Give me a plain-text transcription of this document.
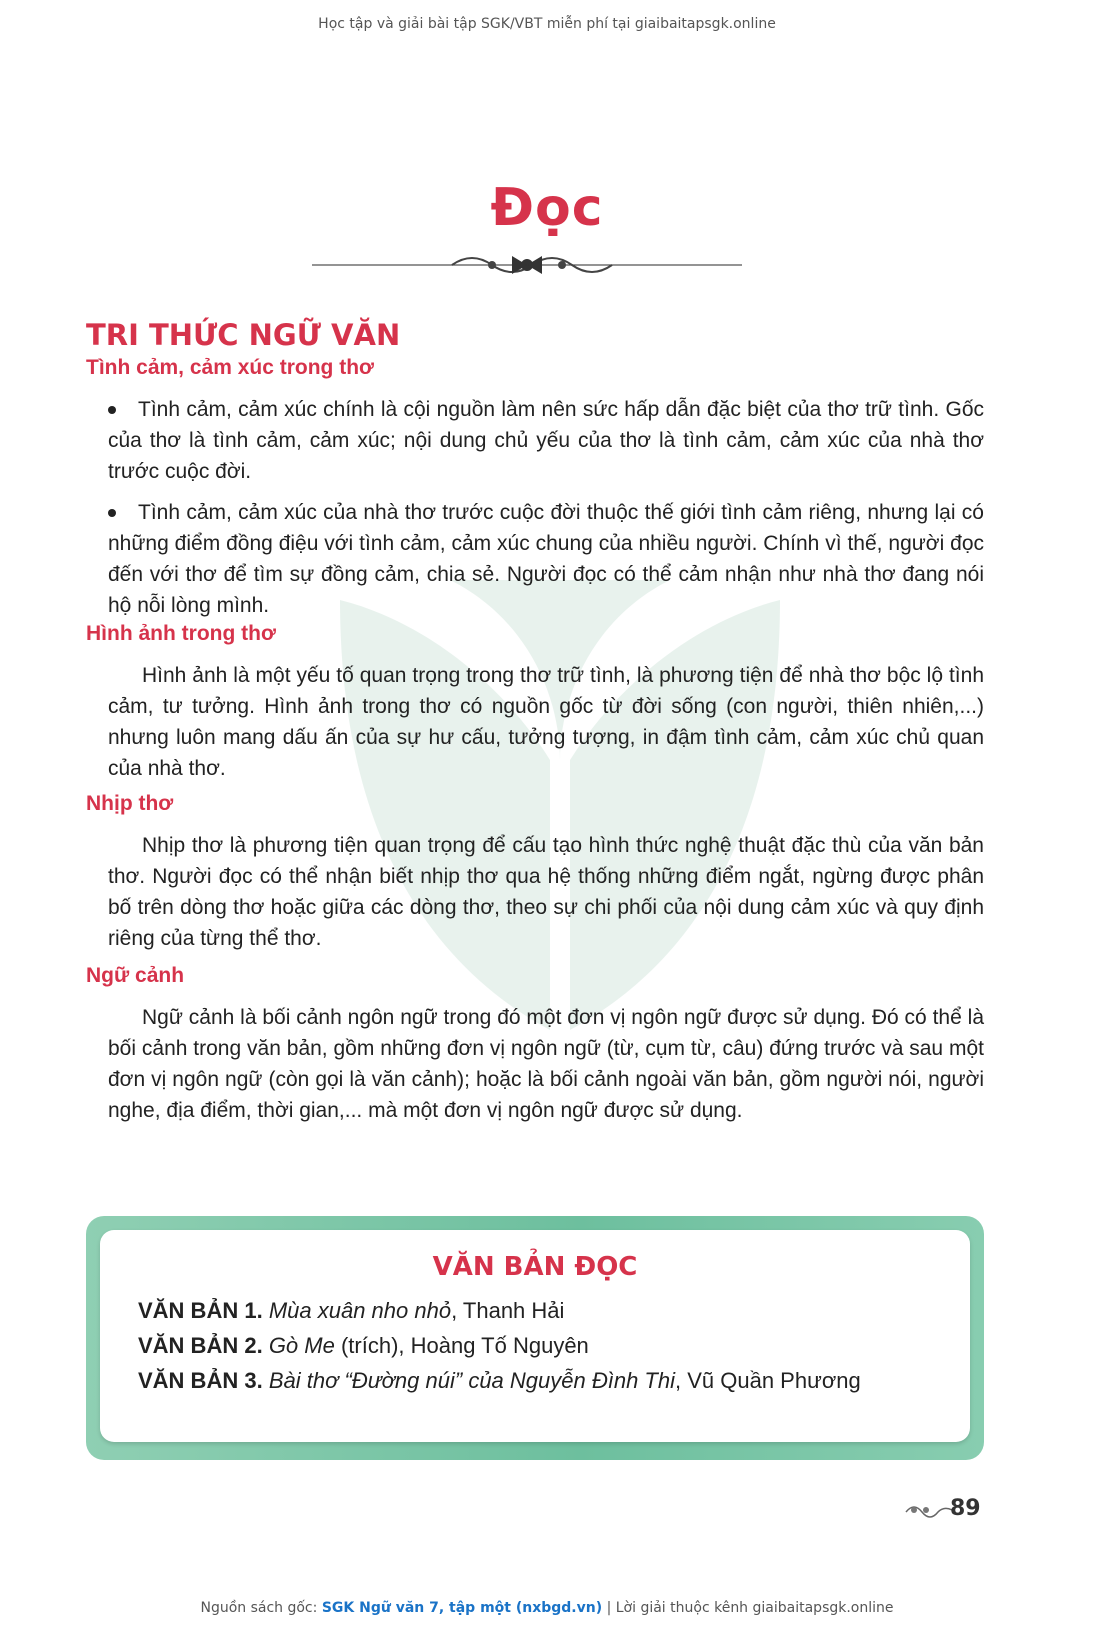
Học tập và giải bài tập SGK/VBT miễn phí tại giaibaitapsgk.online
Đọc
TRI THỨC NGỮ VĂN

Tình cảm, cảm xúc trong thơ

Tình cảm, cảm xúc chính là cội nguồn làm nên sức hấp dẫn đặc biệt của thơ trữ tình. Gốc của thơ là tình cảm, cảm xúc; nội dung chủ yếu của thơ là tình cảm, cảm xúc của nhà thơ trước cuộc đời.

Tình cảm, cảm xúc của nhà thơ trước cuộc đời thuộc thế giới tình cảm riêng, nhưng lại có những điểm đồng điệu với tình cảm, cảm xúc chung của nhiều người. Chính vì thế, người đọc đến với thơ để tìm sự đồng cảm, chia sẻ. Người đọc có thể cảm nhận như nhà thơ đang nói hộ nỗi lòng mình.

Hình ảnh trong thơ

Hình ảnh là một yếu tố quan trọng trong thơ trữ tình, là phương tiện để nhà thơ bộc lộ tình cảm, tư tưởng. Hình ảnh trong thơ có nguồn gốc từ đời sống (con người, thiên nhiên,...) nhưng luôn mang dấu ấn của sự hư cấu, tưởng tượng, in đậm tình cảm, cảm xúc chủ quan của nhà thơ.

Nhịp thơ

Nhịp thơ là phương tiện quan trọng để cấu tạo hình thức nghệ thuật đặc thù của văn bản thơ. Người đọc có thể nhận biết nhịp thơ qua hệ thống những điểm ngắt, ngừng được phân bố trên dòng thơ hoặc giữa các dòng thơ, theo sự chi phối của nội dung cảm xúc và quy định riêng của từng thể thơ.

Ngữ cảnh

Ngữ cảnh là bối cảnh ngôn ngữ trong đó một đơn vị ngôn ngữ được sử dụng. Đó có thể là bối cảnh trong văn bản, gồm những đơn vị ngôn ngữ (từ, cụm từ, câu) đứng trước và sau một đơn vị ngôn ngữ (còn gọi là văn cảnh); hoặc là bối cảnh ngoài văn bản, gồm người nói, người nghe, địa điểm, thời gian,... mà một đơn vị ngôn ngữ được sử dụng.

VĂN BẢN ĐỌC
VĂN BẢN 1. Mùa xuân nho nhỏ, Thanh Hải
VĂN BẢN 2. Gò Me (trích), Hoàng Tố Nguyên
VĂN BẢN 3. Bài thơ “Đường núi” của Nguyễn Đình Thi, Vũ Quần Phương
89
Nguồn sách gốc: SGK Ngữ văn 7, tập một (nxbgd.vn) | Lời giải thuộc kênh giaibaitapsgk.online
